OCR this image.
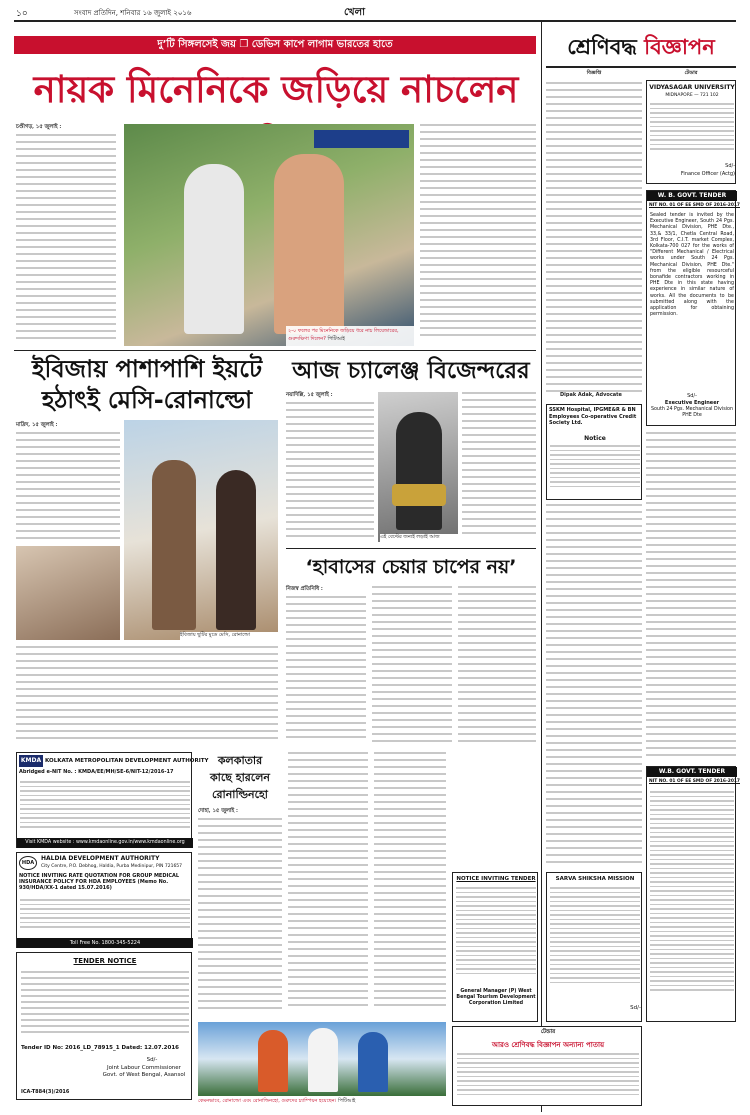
১০	সংবাদ প্রতিদিন, শনিবার ১৬ জুলাই ২০১৬	খেলা
দু’টি সিঙ্গলসেই জয় ❐ ডেভিস কাপে লাগাম ভারতের হাতে
নায়ক মিনেনিকে জড়িয়ে নাচলেন
চণ্ডীগড়, ১৫ জুলাই :
২-০ ফলের পর মিনেনিকে জড়িয়ে ধরে নাচ লিয়েন্ডারের, গুরুদক্ষিণা দিলেন? পিটিআই
ইবিজায় পাশাপাশি ইয়টে
হঠাৎই মেসি-রোনাল্ডো
মাদ্রিদ, ১৫ জুলাই :
ইবিজায় ছুটির মুডে মেসি, রোনাল্ডো
আজ চ্যালেঞ্জ বিজেন্দরের
নয়াদিল্লি, ১৫ জুলাই :
এই বেল্টের জন্যই লড়াই আজ
‘হাবাসের চেয়ার চাপের নয়’
নিজস্ব প্রতিনিধি :
কলকাতার
কাছে হারলেন
রোনাল্ডিনহো
দোহা, ১৫ জুলাই :
কেমনভাবে, রোনাল্ডো এবং রোনাল্ডিনহো, গুরুদের চ্যাম্পিয়ন হয়েছেন। পিটিআই
KMDA KOLKATA METROPOLITAN DEVELOPMENT AUTHORITY
Abridged e-NIT No. : KMDA/EE/MH/SE-6/NIT-12/2016-17
Visit KMDA website : www.kmdaonline.gov.in/www.kmdaonline.org
HDA
HALDIA DEVELOPMENT AUTHORITY
City Centre, P.O. Debhog, Haldia, Purba Medinipur, PIN 721657
NOTICE INVITING RATE QUOTATION FOR GROUP MEDICAL INSURANCE POLICY FOR HDA EMPLOYEES (Memo No. 930/HDA/XX-1 dated 15.07.2016)
Toll Free No. 1800-345-5224
TENDER NOTICE
Tender ID No: 2016_LD_78915_1 Dated: 12.07.2016
Sd/-
Joint Labour Commissioner Govt. of West Bengal, Asansol
ICA-T884(3)/2016
শ্রেণিবদ্ধ বিজ্ঞাপন
বিজ্ঞপ্তি
Dipak Adak, Advocate
SSKM Hospital, IPGME&R & BN Employees Co-operative Credit Society Ltd.
Notice
NOTICE INVITING TENDER
General Manager (P) West Bengal Tourism Development Corporation Limited
SARVA SHIKSHA MISSION
Sd/-
টেন্ডার
আরও শ্রেণিবদ্ধ বিজ্ঞাপন অন্যান্য পাতায়
টেন্ডার
VIDYASAGAR UNIVERSITY
MIDNAPORE — 721 102
Sd/-
Finance Officer (Actg)
W. B. GOVT. TENDER
NIT NO. 01 OF EE SMD OF 2016-2017
Sealed tender is invited by the Executive Engineer, South 24 Pgs. Mechanical Division, PHE Dte., 33,& 33/1, Chetla Central Road, 3rd Floor, C.I.T. market Complex, Kolkata-700 027 for the works of "Different Mechanical / Electrical works under South 24 Pgs. Mechanical Division, PHE Dte." from the eligible resourceful bonafide contractors working in PHE Dte in this state having experience in similar nature of works. All the documents to be submitted along with the application for obtaining permission.
Sd/-
Executive Engineer
South 24 Pgs. Mechanical Division PHE Dte
W.B. GOVT. TENDER
NIT NO. 01 OF EE SMD OF 2016-2017
